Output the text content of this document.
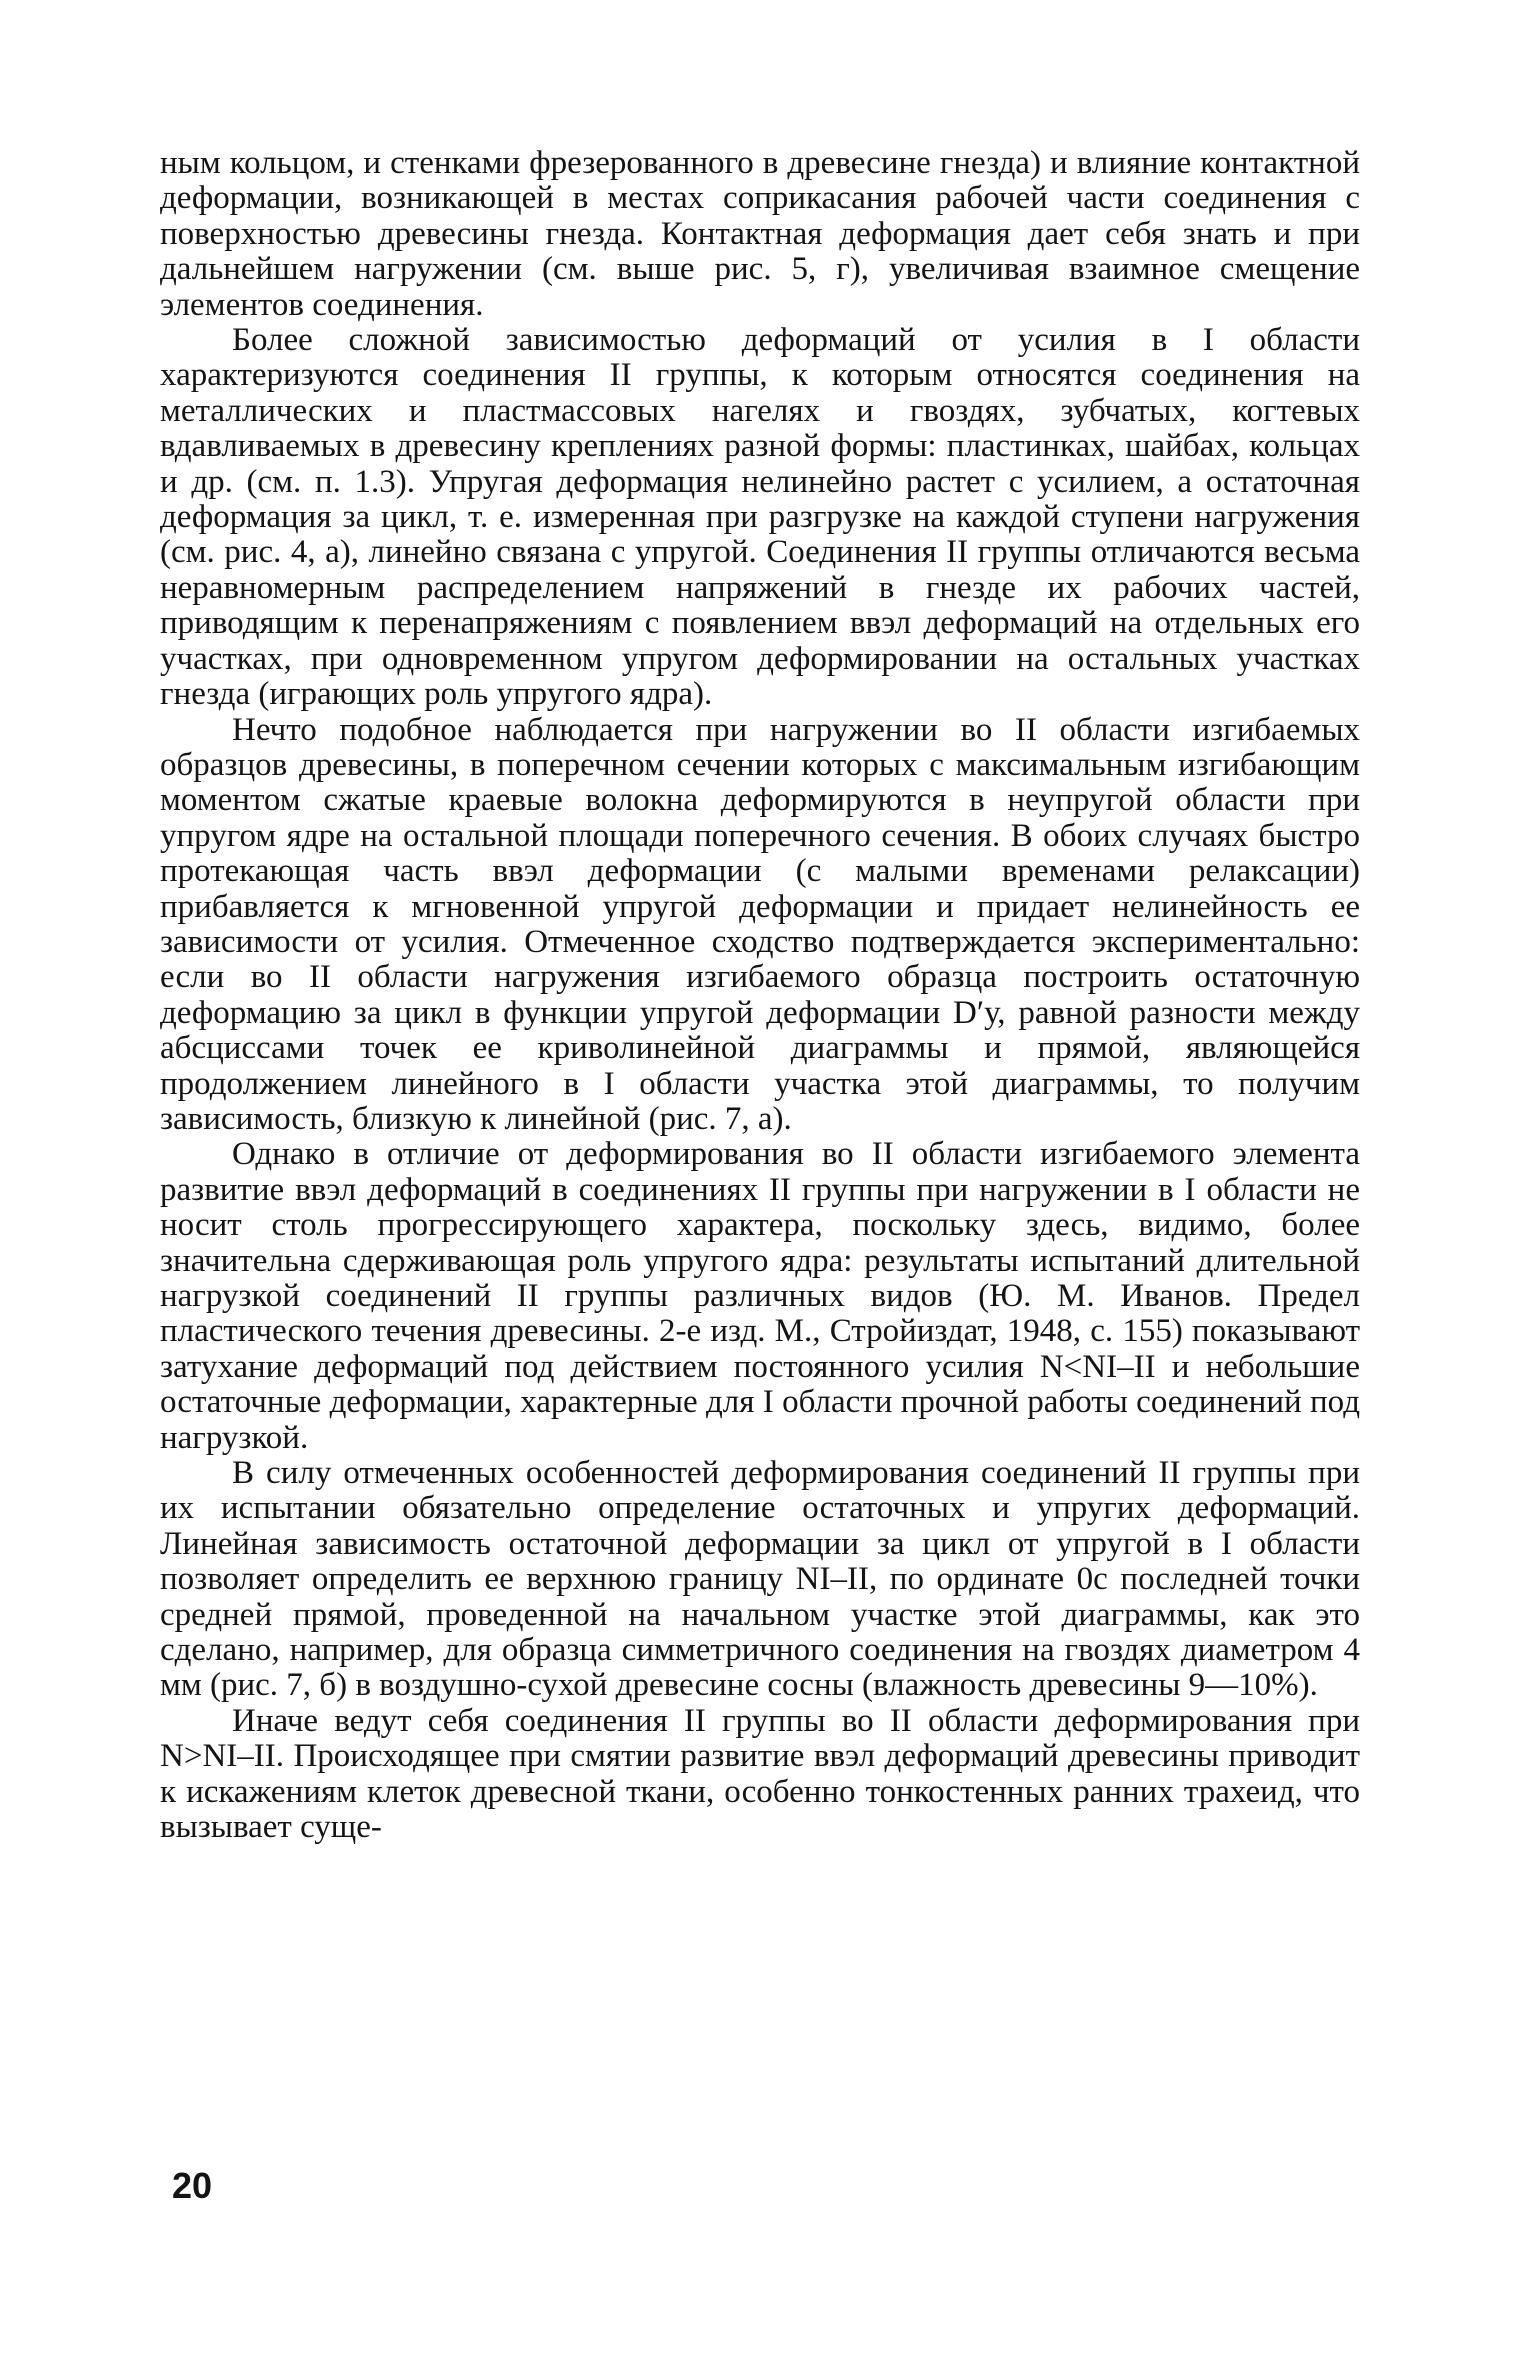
ным кольцом, и стенками фрезерованного в древесине гнезда) и влияние контактной деформации, возникающей в местах соприкасания рабочей части соединения с поверхностью древесины гнезда. Контактная деформация дает себя знать и при дальнейшем нагружении (см. выше рис. 5, г), увеличивая взаимное смещение элементов соединения.

Более сложной зависимостью деформаций от усилия в I области характеризуются соединения II группы, к которым относятся соединения на металлических и пластмассовых нагелях и гвоздях, зубчатых, когтевых вдавливаемых в древесину креплениях разной формы: пластинках, шайбах, кольцах и др. (см. п. 1.3). Упругая деформация нелинейно растет с усилием, а остаточная деформация за цикл, т. е. измеренная при разгрузке на каждой ступени нагружения (см. рис. 4, а), линейно связана с упругой. Соединения II группы отличаются весьма неравномерным распределением напряжений в гнезде их рабочих частей, приводящим к перенапряжениям с появлением ввэл деформаций на отдельных его участках, при одновременном упругом деформировании на остальных участках гнезда (играющих роль упругого ядра).

Нечто подобное наблюдается при нагружении во II области изгибаемых образцов древесины, в поперечном сечении которых с максимальным изгибающим моментом сжатые краевые волокна деформируются в неупругой области при упругом ядре на остальной площади поперечного сечения. В обоих случаях быстро протекающая часть ввэл деформации (с малыми временами релаксации) прибавляется к мгновенной упругой деформации и придает нелинейность ее зависимости от усилия. Отмеченное сходство подтверждается экспериментально: если во II области нагружения изгибаемого образца построить остаточную деформацию за цикл в функции упругой деформации D′у, равной разности между абсциссами точек ее криволинейной диаграммы и прямой, являющейся продолжением линейного в I области участка этой диаграммы, то получим зависимость, близкую к линейной (рис. 7, а).

Однако в отличие от деформирования во II области изгибаемого элемента развитие ввэл деформаций в соединениях II группы при нагружении в I области не носит столь прогрессирующего характера, поскольку здесь, видимо, более значительна сдерживающая роль упругого ядра: результаты испытаний длительной нагрузкой соединений II группы различных видов (Ю. М. Иванов. Предел пластического течения древесины. 2-е изд. М., Стройиздат, 1948, с. 155) показывают затухание деформаций под действием постоянного усилия N<NI–II и небольшие остаточные деформации, характерные для I области прочной работы соединений под нагрузкой.

В силу отмеченных особенностей деформирования соединений II группы при их испытании обязательно определение остаточных и упругих деформаций. Линейная зависимость остаточной деформации за цикл от упругой в I области позволяет определить ее верхнюю границу NI–II, по ординате 0с последней точки средней прямой, проведенной на начальном участке этой диаграммы, как это сделано, например, для образца симметричного соединения на гвоздях диаметром 4 мм (рис. 7, б) в воздушно-сухой древесине сосны (влажность древесины 9—10%).

Иначе ведут себя соединения II группы во II области деформирования при N>NI–II. Происходящее при смятии развитие ввэл деформаций древесины приводит к искажениям клеток древесной ткани, особенно тонкостенных ранних трахеид, что вызывает суще-

20
